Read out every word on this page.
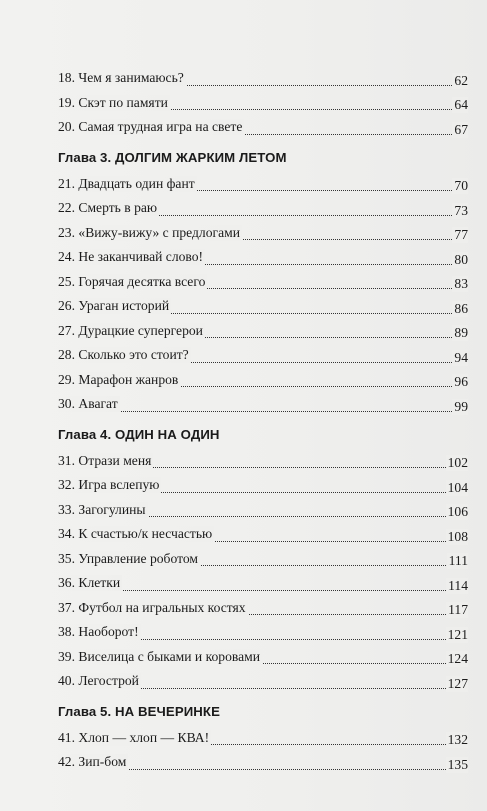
18. Чем я занимаюсь?	62
19. Скэт по памяти	64
20. Самая трудная игра на свете	67
Глава 3. ДОЛГИМ ЖАРКИМ ЛЕТОМ
21. Двадцать один фант	70
22. Смерть в раю	73
23. «Вижу-вижу» с предлогами	77
24. Не заканчивай слово!	80
25. Горячая десятка всего	83
26. Ураган историй	86
27. Дурацкие супергерои	89
28. Сколько это стоит?	94
29. Марафон жанров	96
30. Авагат	99
Глава 4. ОДИН НА ОДИН
31. Отрази меня	102
32. Игра вслепую	104
33. Загогулины	106
34. К счастью/к несчастью	108
35. Управление роботом	111
36. Клетки	114
37. Футбол на игральных костях	117
38. Наоборот!	121
39. Виселица с быками и коровами	124
40. Легострой	127
Глава 5. НА ВЕЧЕРИНКЕ
41. Хлоп — хлоп — КВА!	132
42. Зип-бом	135
